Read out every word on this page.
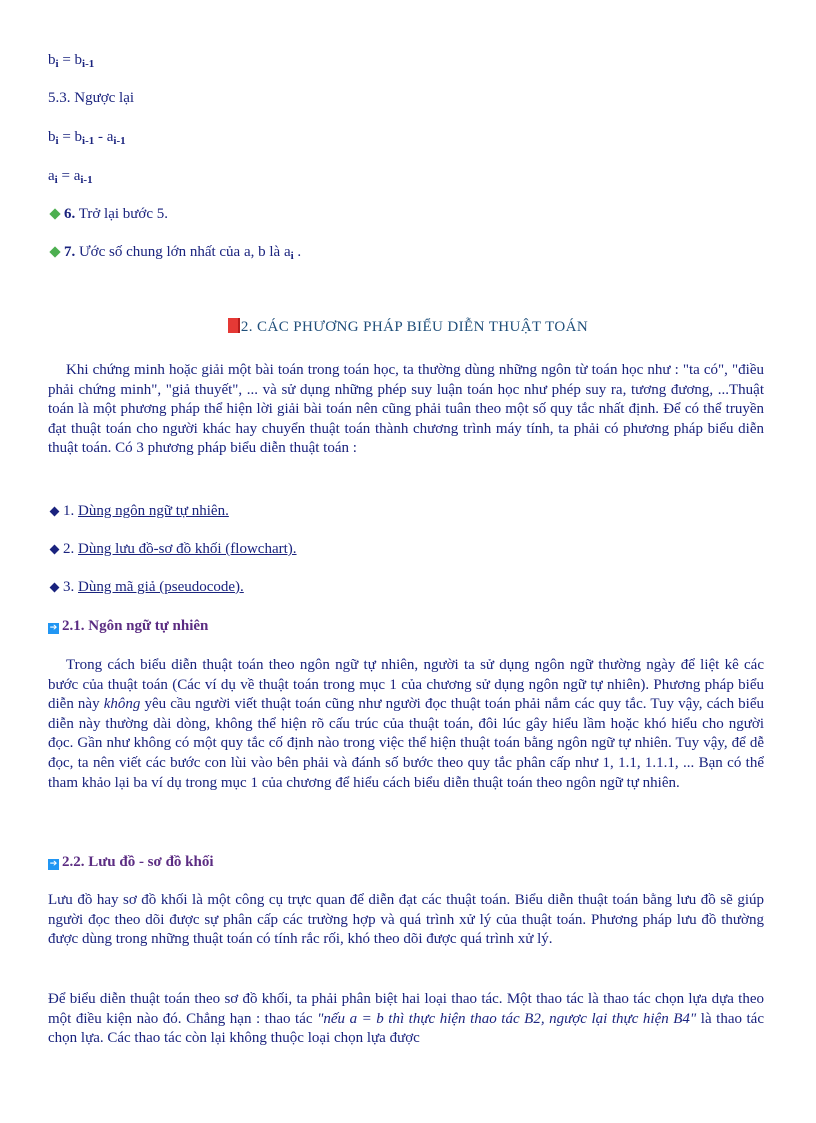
$b_i = b_{i-1}$
5.3. Ngược lại
$b_i = b_{i-1} - a_{i-1}$
$a_i = a_{i-1}$
6. Trở lại bước 5.
7. Ước số chung lớn nhất của a, b là $a_i$ .
2. CÁC PHƯƠNG PHÁP BIỂU DIỄN THUẬT TOÁN
Khi chứng minh hoặc giải một bài toán trong toán học, ta thường dùng những ngôn từ toán học như : "ta có", "điều phải chứng minh", "giả thuyết", ... và sử dụng những phép suy luận toán học như phép suy ra, tương đương, ...Thuật toán là một phương pháp thể hiện lời giải bài toán nên cũng phải tuân theo một số quy tắc nhất định. Để có thể truyền đạt thuật toán cho người khác hay chuyển thuật toán thành chương trình máy tính, ta phải có phương pháp biểu diễn thuật toán. Có 3 phương pháp biểu diễn thuật toán :
1. Dùng ngôn ngữ tự nhiên.
2. Dùng lưu đồ-sơ đồ khối (flowchart).
3. Dùng mã giả (pseudocode).
➔ 2.1. Ngôn ngữ tự nhiên
Trong cách biểu diễn thuật toán theo ngôn ngữ tự nhiên, người ta sử dụng ngôn ngữ thường ngày để liệt kê các bước của thuật toán (Các ví dụ về thuật toán trong mục 1 của chương sử dụng ngôn ngữ tự nhiên). Phương pháp biểu diễn này không yêu cầu người viết thuật toán cũng như người đọc thuật toán phải nắm các quy tắc. Tuy vậy, cách biểu diễn này thường dài dòng, không thể hiện rõ cấu trúc của thuật toán, đôi lúc gây hiểu lầm hoặc khó hiểu cho người đọc. Gần như không có một quy tắc cố định nào trong việc thể hiện thuật toán bằng ngôn ngữ tự nhiên. Tuy vậy, để dễ đọc, ta nên viết các bước con lùi vào bên phải và đánh số bước theo quy tắc phân cấp như 1, 1.1, 1.1.1, ... Bạn có thể tham khảo lại ba ví dụ trong mục 1 của chương để hiểu cách biểu diễn thuật toán theo ngôn ngữ tự nhiên.
➔ 2.2. Lưu đồ - sơ đồ khối
Lưu đồ hay sơ đồ khối là một công cụ trực quan để diễn đạt các thuật toán. Biểu diễn thuật toán bằng lưu đồ sẽ giúp người đọc theo dõi được sự phân cấp các trường hợp và quá trình xử lý của thuật toán. Phương pháp lưu đồ thường được dùng trong những thuật toán có tính rắc rối, khó theo dõi được quá trình xử lý.
Để biểu diễn thuật toán theo sơ đồ khối, ta phải phân biệt hai loại thao tác. Một thao tác là thao tác chọn lựa dựa theo một điều kiện nào đó. Chẳng hạn : thao tác "nếu a = b thì thực hiện thao tác B2, ngược lại thực hiện B4" là thao tác chọn lựa. Các thao tác còn lại không thuộc loại chọn lựa được
